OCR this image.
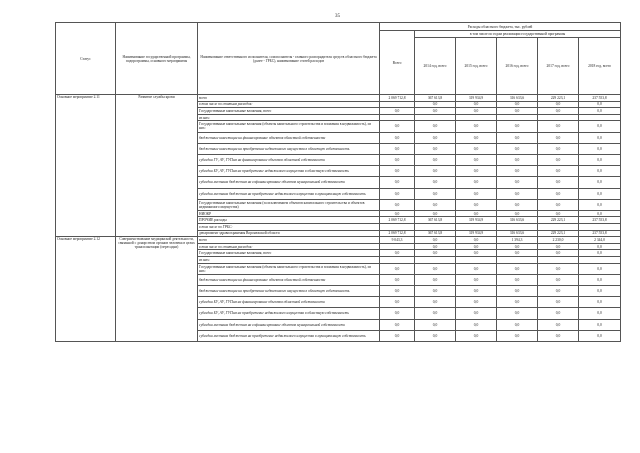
35
Статус	Наименование государственной программы, подпрограммы, основного мероприятия	Наименование ответственного исполнителя, соисполнителя - главного распорядителя средств областного бюджета (далее - ГРБС), наименование статей расходов	Расходы областного бюджета, тыс. рублей					
			Всего	в том числе по годам реализации государственной программы				
				2014 год, всего	2015 год, всего	2016 год, всего	2017 год, всего	2018 год, всего
Основное мероприятие 2.11	Развитие службы крови	всего	2 069 712,8	367 613,8	319 934,9	316 633,6	229 223,1	237 553,8
		в том числе по статьям расходов:		0,0	0,0	0,0	0,0	0,0
		Государственные капитальные вложения, всего	0,0	0,0	0,0	0,0	0,0	0,0
		из них:						
		Государственные капитальные вложения (объекты капитального строительства и вложения в недвижимость), из них:	0,0	0,0	0,0	0,0	0,0	0,0
		бюджетные инвестиции на финансирование объектов областной собственности	0,0	0,0	0,0	0,0	0,0	0,0
		бюджетные инвестиции на приобретение недвижимого имущества в областную собственность	0,0	0,0	0,0	0,0	0,0	0,0
		субсидии ГУ, АУ, ГУПам на финансирование объектов областной собственности	0,0	0,0	0,0	0,0	0,0	0,0
		субсидии БУ, АУ, ГУПам на приобретение недвижимого имущества в областную собственность	0,0	0,0	0,0	0,0	0,0	0,0
		субсидии местным бюджетам на софинансирование объектов муниципальной собственности	0,0	0,0	0,0	0,0	0,0	0,0
		субсидии местным бюджетам на приобретение недвижимого имущества в муниципальную собственность	0,0	0,0	0,0	0,0	0,0	0,0
		Государственные капитальные вложения (за исключением объектов капитального строительства и объектов недвижимого имущества)	0,0	0,0	0,0	0,0	0,0	0,0
		НИОКР	0,0	0,0	0,0	0,0	0,0	0,0
		ПРОЧИЕ расходы	2 069 712,8	367 613,8	319 934,9	316 633,6	229 223,1	237 553,8
		в том числе по ГРБС:						
		департамент здравоохранения Воронежской области	2 069 712,8	367 613,8	319 934,9	316 633,6	229 223,1	237 553,8
Основное мероприятие 2.12	Совершенствование медицинской деятельности, связанной с донорством органов человека в целях трансплантации (пересадки)	всего	9 043,3	0,0	0,0	1 394,3	2 230,0	2 344,0
		в том числе по статьям расходов:		0,0	0,0	0,0	0,0	0,0
		Государственные капитальные вложения, всего	0,0	0,0	0,0	0,0	0,0	0,0
		из них:						
		Государственные капитальные вложения (объекты капитального строительства и вложения в недвижимость), из них:	0,0	0,0	0,0	0,0	0,0	0,0
		бюджетные инвестиции на финансирование объектов областной собственности	0,0	0,0	0,0	0,0	0,0	0,0
		бюджетные инвестиции на приобретение недвижимого имущества в областную собственность	0,0	0,0	0,0	0,0	0,0	0,0
		субсидии БУ, АУ, ГУПам на финансирование объектов областной собственности	0,0	0,0	0,0	0,0	0,0	0,0
		субсидии БУ, АУ, ГУПам на приобретение недвижимого имущества в областную собственность	0,0	0,0	0,0	0,0	0,0	0,0
		субсидии местным бюджетам на софинансирование объектов муниципальной собственности	0,0	0,0	0,0	0,0	0,0	0,0
		субсидии местным бюджетам на приобретение недвижимого имущества в муниципальную собственность	0,0	0,0	0,0	0,0	0,0	0,0
